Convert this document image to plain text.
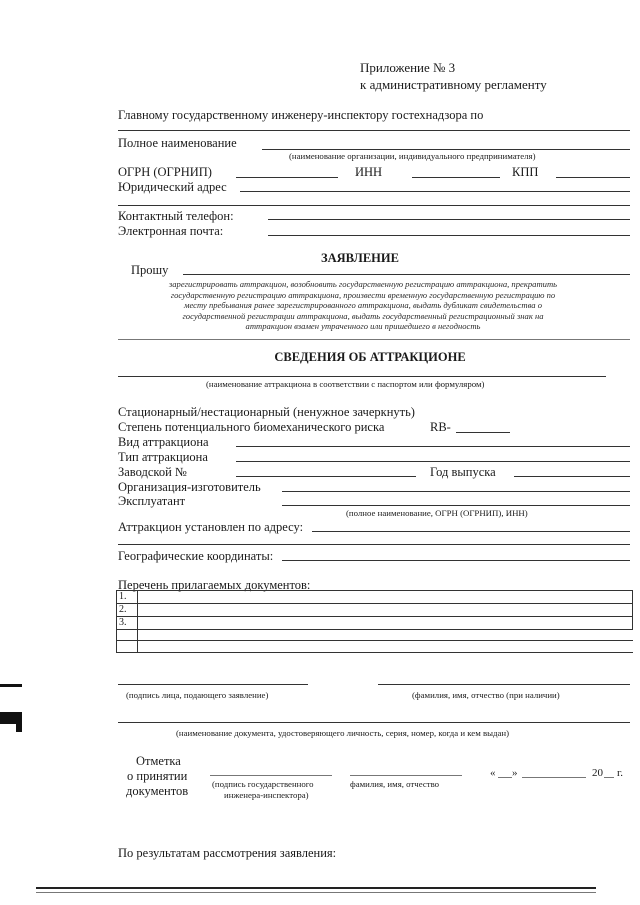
Приложение № 3
к административному регламенту
Главному государственному инженеру-инспектору гостехнадзора по
Полное наименование
(наименование организации, индивидуального предпринимателя)
ОГРН (ОГРНИП)	ИНН	КПП
Юридический адрес
Контактный телефон:
Электронная почта:
ЗАЯВЛЕНИЕ
Прошу
зарегистрировать аттракцион, возобновить государственную регистрацию аттракциона, прекратить
государственную регистрацию аттракциона, произвести временную государственную регистрацию по
месту пребывания ранее зарегистрированного аттракциона, выдать дубликат свидетельства о
государственной регистрации аттракциона, выдать государственный регистрационный знак на
аттракцион взамен утраченного или пришедшего в негодность
СВЕДЕНИЯ ОБ АТТРАКЦИОНЕ
(наименование аттракциона в соответствии с паспортом или формуляром)
Стационарный/нестационарный (ненужное зачеркнуть)
Степень потенциального биомеханического риска	RB-
Вид аттракциона
Тип аттракциона
Заводской №	Год выпуска
Организация-изготовитель
Эксплуатант
(полное наименование, ОГРН (ОГРНИП), ИНН)
Аттракцион установлен по адресу:
Географические координаты:
Перечень прилагаемых документов:
1.
2.
3.
(подпись лица, подающего заявление)	(фамилия, имя, отчество (при наличии)
(наименование документа, удостоверяющего личность, серия, номер, когда и кем выдан)
Отметка
о принятии
документов	(подпись государственного
инженера-инспектора)
фамилия, имя, отчество
« »	20 г.
По результатам рассмотрения заявления:
